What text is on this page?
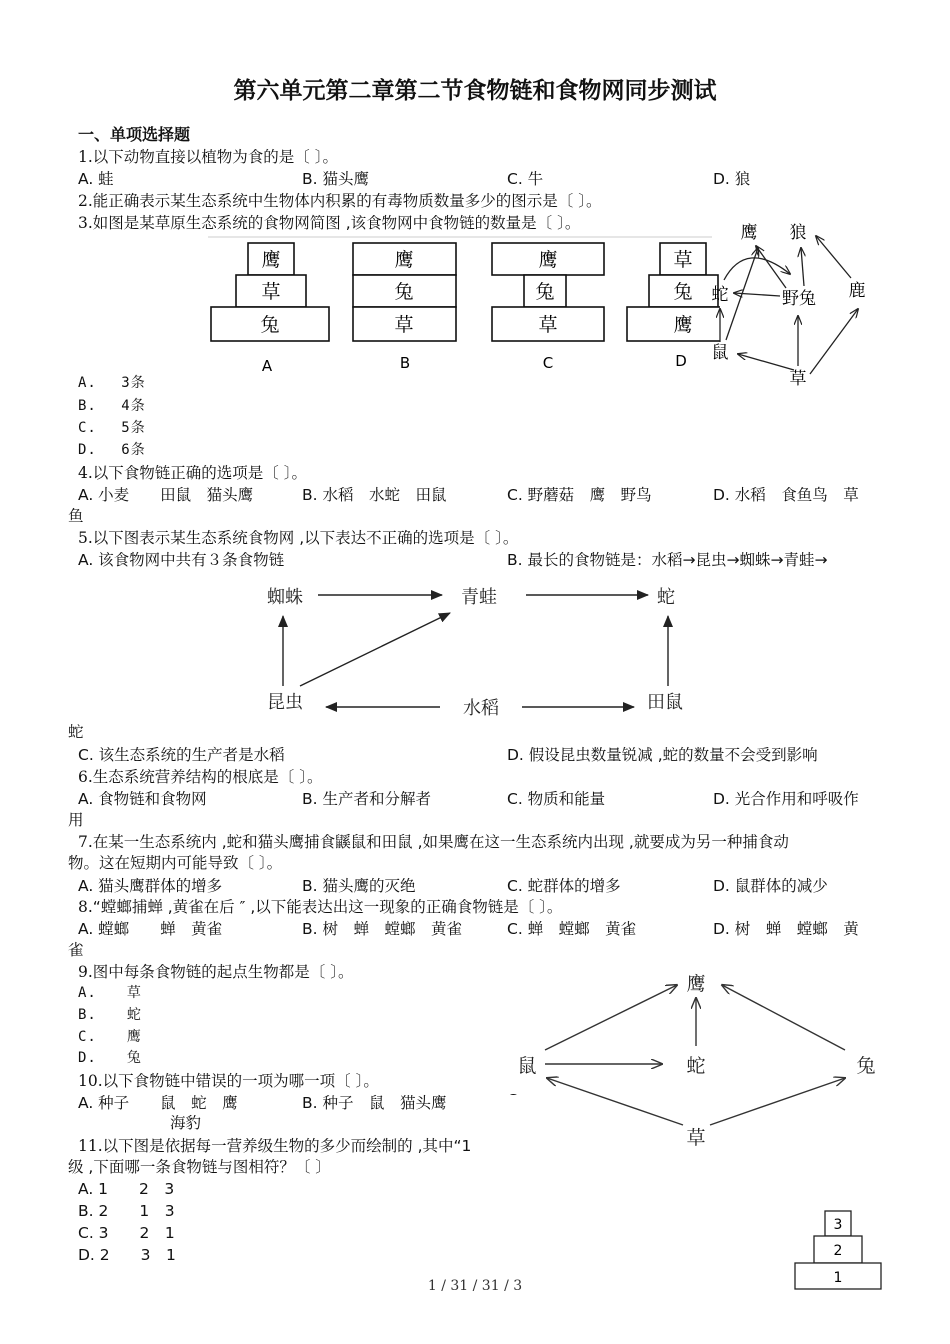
第六单元第二章第二节食物链和食物网同步测试
一、单项选择题
1.以下动物直接以植物为食的是〔 〕。
A. 蛙	B. 猫头鹰	C. 牛	D. 狼
2.能正确表示某生态系统中生物体内积累的有毒物质数量多少的图示是〔 〕。
3.如图是某草原生态系统的食物网简图 ,该食物网中食物链的数量是〔 〕。
鹰
草
兔
鹰
兔
草
鹰
兔
草
草
兔
鹰
A	B	C	D
鹰 狼
蛇	野兔 鹿
鼠
草
A.　 3条
B.　 4条
C.　 5条
D.　 6条
4.以下食物链正确的选项是〔 〕。
A. 小麦　　田鼠　猫头鹰	B. 水稻　水蛇　田鼠	C. 野蘑菇　鹰　野鸟	D. 水稻　食鱼鸟　草
鱼
5.以下图表示某生态系统食物网 ,以下表达不正确的选项是〔 〕。
A. 该食物网中共有３条食物链	B. 最长的食物链是：水稻→昆虫→蜘蛛→青蛙→
蜘蛛	青蛙	蛇
昆虫	水稻	田鼠
蛇
C. 该生态系统的生产者是水稻	D. 假设昆虫数量锐减 ,蛇的数量不会受到影响
6.生态系统营养结构的根底是〔 〕。
A. 食物链和食物网	B. 生产者和分解者	C. 物质和能量	D. 光合作用和呼吸作
用
7.在某一生态系统内 ,蛇和猫头鹰捕食鼷鼠和田鼠 ,如果鹰在这一生态系统内出现 ,就要成为另一种捕食动
物。这在短期内可能导致〔 〕。
A. 猫头鹰群体的增多	B. 猫头鹰的灭绝	C. 蛇群体的增多	D. 鼠群体的减少
8.“螳螂捕蝉 ,黄雀在后 ″ ,以下能表达出这一现象的正确食物链是〔 〕。
A. 螳螂　　蝉　黄雀	B. 树　蝉　螳螂　黄雀	C. 蝉　螳螂　黄雀	D. 树　蝉　螳螂　黄
雀
9.图中每条食物链的起点生物都是〔 〕。
A.　　草
B.　　蛇
C.　　鹰
D.　　兔
10.以下食物链中错误的一项为哪一项〔 〕。
A. 种子　　鼠　蛇　鹰	B. 种子　鼠　猫头鹰
海豹
11.以下图是依据每一营养级生物的多少而绘制的 ,其中“1
级 ,下面哪一条食物链与图相符？〔 〕
鹰
鼠	蛇	兔
草
A. 1　　2　3
B. 2　　1　3
C. 3　　2　1
D. 2　　3　1
3
2
1
1 / 31 / 31 / 3
